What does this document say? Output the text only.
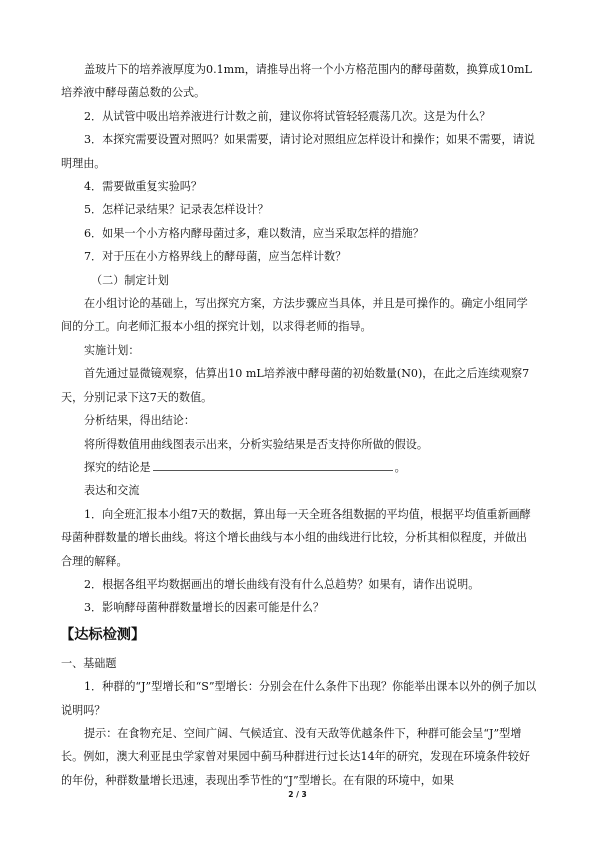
盖玻片下的培养液厚度为0.1mm，请推导出将一个小方格范围内的酵母菌数，换算成10mL培养液中酵母菌总数的公式。

2．从试管中吸出培养液进行计数之前，建议你将试管轻轻震荡几次。这是为什么？

3．本探究需要设置对照吗？如果需要，请讨论对照组应怎样设计和操作；如果不需要，请说明理由。

4．需要做重复实验吗？

5．怎样记录结果？记录表怎样设计？

6．如果一个小方格内酵母菌过多，难以数清，应当采取怎样的措施？

7．对于压在小方格界线上的酵母菌，应当怎样计数？

（二）制定计划

在小组讨论的基础上，写出探究方案，方法步骤应当具体，并且是可操作的。确定小组同学间的分工。向老师汇报本小组的探究计划，以求得老师的指导。

实施计划：

首先通过显微镜观察，估算出10 mL培养液中酵母菌的初始数量(N0)，在此之后连续观察7天，分别记录下这7天的数值。

分析结果，得出结论：

将所得数值用曲线图表示出来，分析实验结果是否支持你所做的假设。

探究的结论是	。

表达和交流

1．向全班汇报本小组7天的数据，算出每一天全班各组数据的平均值，根据平均值重新画酵母菌种群数量的增长曲线。将这个增长曲线与本小组的曲线进行比较，分析其相似程度，并做出合理的解释。

2．根据各组平均数据画出的增长曲线有没有什么总趋势？如果有，请作出说明。

3．影响酵母菌种群数量增长的因素可能是什么？

【达标检测】

一、基础题

1．种群的“J”型增长和“S”型增长：分别会在什么条件下出现？你能举出课本以外的例子加以说明吗？

提示：在食物充足、空间广阔、气候适宜、没有天敌等优越条件下，种群可能会呈“J”型增长。例如，澳大利亚昆虫学家曾对果园中蓟马种群进行过长达14年的研究，发现在环境条件较好的年份，种群数量增长迅速，表现出季节性的“J”型增长。在有限的环境中，如果

2 / 3
